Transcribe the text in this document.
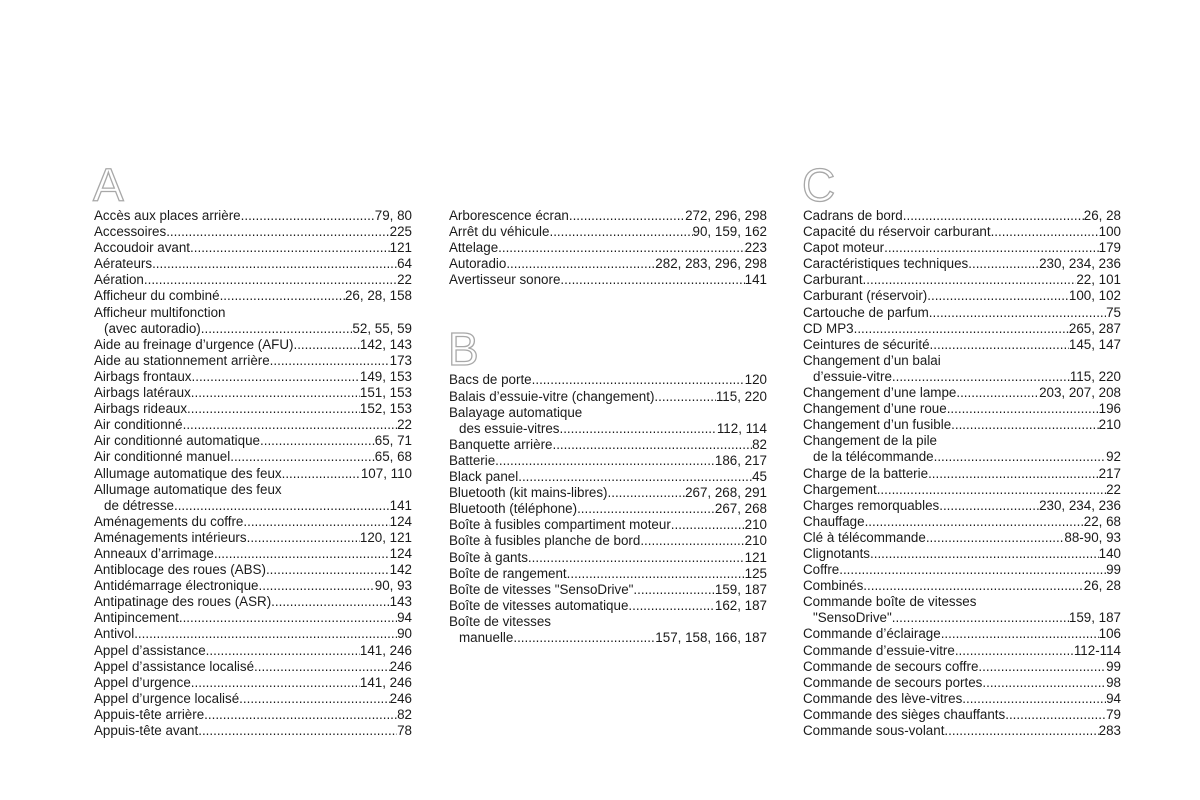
A
Accès aux places arrière .....	79, 80
Accessoires .....	225
Accoudoir avant .....	121
Aérateurs .....	64
Aération .....	22
Afficheur du combiné .....	26, 28, 158
Afficheur multifonction
(avec autoradio) .....	52, 55, 59
Aide au freinage d’urgence (AFU) .....	142, 143
Aide au stationnement arrière .....	173
Airbags frontaux .....	149, 153
Airbags latéraux .....	151, 153
Airbags rideaux .....	152, 153
Air conditionné .....	22
Air conditionné automatique .....	65, 71
Air conditionné manuel .....	65, 68
Allumage automatique des feux .....	107, 110
Allumage automatique des feux
de détresse .....	141
Aménagements du coffre .....	124
Aménagements intérieurs .....	120, 121
Anneaux d’arrimage .....	124
Antiblocage des roues (ABS) .....	142
Antidémarrage électronique .....	90, 93
Antipatinage des roues (ASR) .....	143
Antipincement .....	94
Antivol .....	90
Appel d’assistance .....	141, 246
Appel d’assistance localisé .....	246
Appel d’urgence .....	141, 246
Appel d’urgence localisé .....	246
Appuis-tête arrière .....	82
Appuis-tête avant .....	78
Arborescence écran .....	272, 296, 298
Arrêt du véhicule .....	90, 159, 162
Attelage .....	223
Autoradio .....	282, 283, 296, 298
Avertisseur sonore .....	141
B
Bacs de porte .....	120
Balais d’essuie-vitre (changement) .....	115, 220
Balayage automatique
des essuie-vitres .....	112, 114
Banquette arrière .....	82
Batterie .....	186, 217
Black panel .....	45
Bluetooth (kit mains-libres) .....	267, 268, 291
Bluetooth (téléphone) .....	267, 268
Boîte à fusibles compartiment moteur .....	210
Boîte à fusibles planche de bord .....	210
Boîte à gants .....	121
Boîte de rangement .....	125
Boîte de vitesses "SensoDrive" .....	159, 187
Boîte de vitesses automatique .....	162, 187
Boîte de vitesses
manuelle .....	157, 158, 166, 187
C
Cadrans de bord .....	26, 28
Capacité du réservoir carburant .....	100
Capot moteur .....	179
Caractéristiques techniques .....	230, 234, 236
Carburant .....	22, 101
Carburant (réservoir) .....	100, 102
Cartouche de parfum .....	75
CD MP3 .....	265, 287
Ceintures de sécurité .....	145, 147
Changement d’un balai
d’essuie-vitre .....	115, 220
Changement d’une lampe .....	203, 207, 208
Changement d’une roue .....	196
Changement d’un fusible .....	210
Changement de la pile
de la télécommande .....	92
Charge de la batterie .....	217
Chargement .....	22
Charges remorquables .....	230, 234, 236
Chauffage .....	22, 68
Clé à télécommande .....	88-90, 93
Clignotants .....	140
Coffre .....	99
Combinés .....	26, 28
Commande boîte de vitesses
"SensoDrive" .....	159, 187
Commande d’éclairage .....	106
Commande d’essuie-vitre .....	112-114
Commande de secours coffre .....	99
Commande de secours portes .....	98
Commande des lève-vitres .....	94
Commande des sièges chauffants .....	79
Commande sous-volant .....	283
